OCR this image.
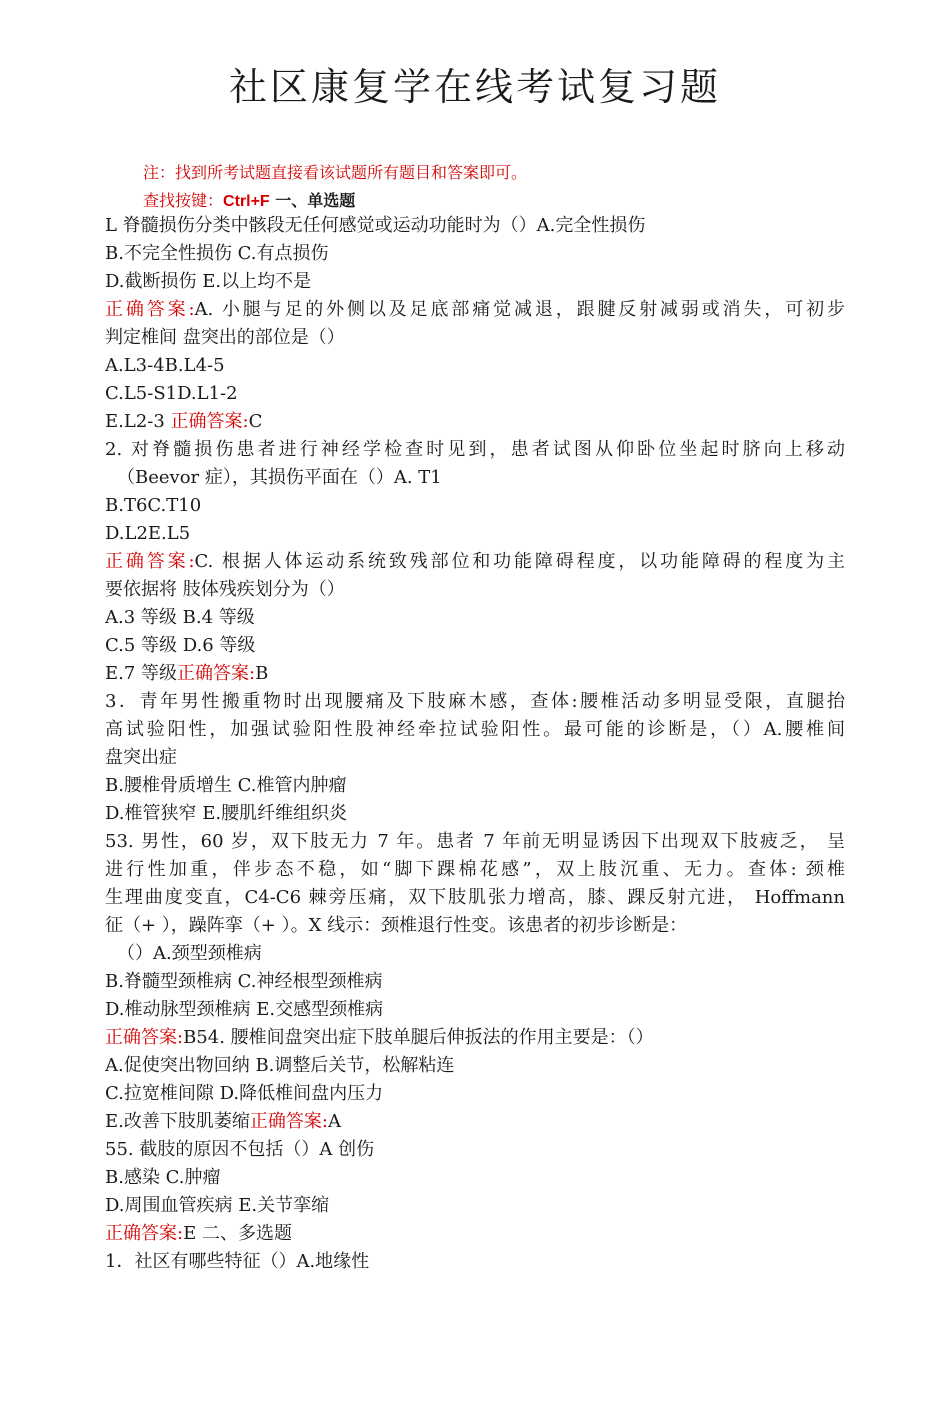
社区康复学在线考试复习题
注：找到所考试题直接看该试题所有题目和答案即可。
查找按键：Ctrl+F 一、单选题
L 脊髓损伤分类中骸段无任何感觉或运动功能时为（）A.完全性损伤
B.不完全性损伤 C.有点损伤
D.截断损伤 E.以上均不是
正确答案:A. 小腿与足的外侧以及足底部痛觉减退，跟腱反射减弱或消失，可初步
判定椎间 盘突出的部位是（）
A.L3-4B.L4-5
C.L5-S1D.L1-2
E.L2-3 正确答案:C
2. 对脊髓损伤患者进行神经学检查时见到，患者试图从仰卧位坐起时脐向上移动
（Beevor 症），其损伤平面在（）A. T1
B.T6C.T10
D.L2E.L5
正确答案:C. 根据人体运动系统致残部位和功能障碍程度，以功能障碍的程度为主
要依据将 肢体残疾划分为（）
A.3 等级 B.4 等级
C.5 等级 D.6 等级
E.7 等级正确答案:B
3．青年男性搬重物时出现腰痛及下肢麻木感，查体:腰椎活动多明显受限，直腿抬
高试验阳性，加强试验阳性股神经牵拉试验阳性。最可能的诊断是，（）A.腰椎间
盘突出症
B.腰椎骨质增生 C.椎管内肿瘤
D.椎管狭窄 E.腰肌纤维组织炎
53. 男性，60 岁，双下肢无力 7 年。患者 7 年前无明显诱因下出现双下肢疲乏， 呈
进行性加重，伴步态不稳，如“脚下踝棉花感”，双上肢沉重、无力。查体: 颈椎
生理曲度变直，C4-C6 棘旁压痛，双下肢肌张力增高，膝、踝反射亢进， Hoffmann
征（+ ），躁阵挛（+ ）。X 线示：颈椎退行性变。该患者的初步诊断是：
（）A.颈型颈椎病
B.脊髓型颈椎病 C.神经根型颈椎病
D.椎动脉型颈椎病 E.交感型颈椎病
正确答案:B54. 腰椎间盘突出症下肢单腿后伸扳法的作用主要是：（）
A.促使突出物回纳 B.调整后关节，松解粘连
C.拉宽椎间隙 D.降低椎间盘内压力
E.改善下肢肌萎缩正确答案:A
55. 截肢的原因不包括（）A 创伤
B.感染 C.肿瘤
D.周围血管疾病 E.关节挛缩
正确答案:E 二、多选题
1．社区有哪些特征（）A.地缘性
